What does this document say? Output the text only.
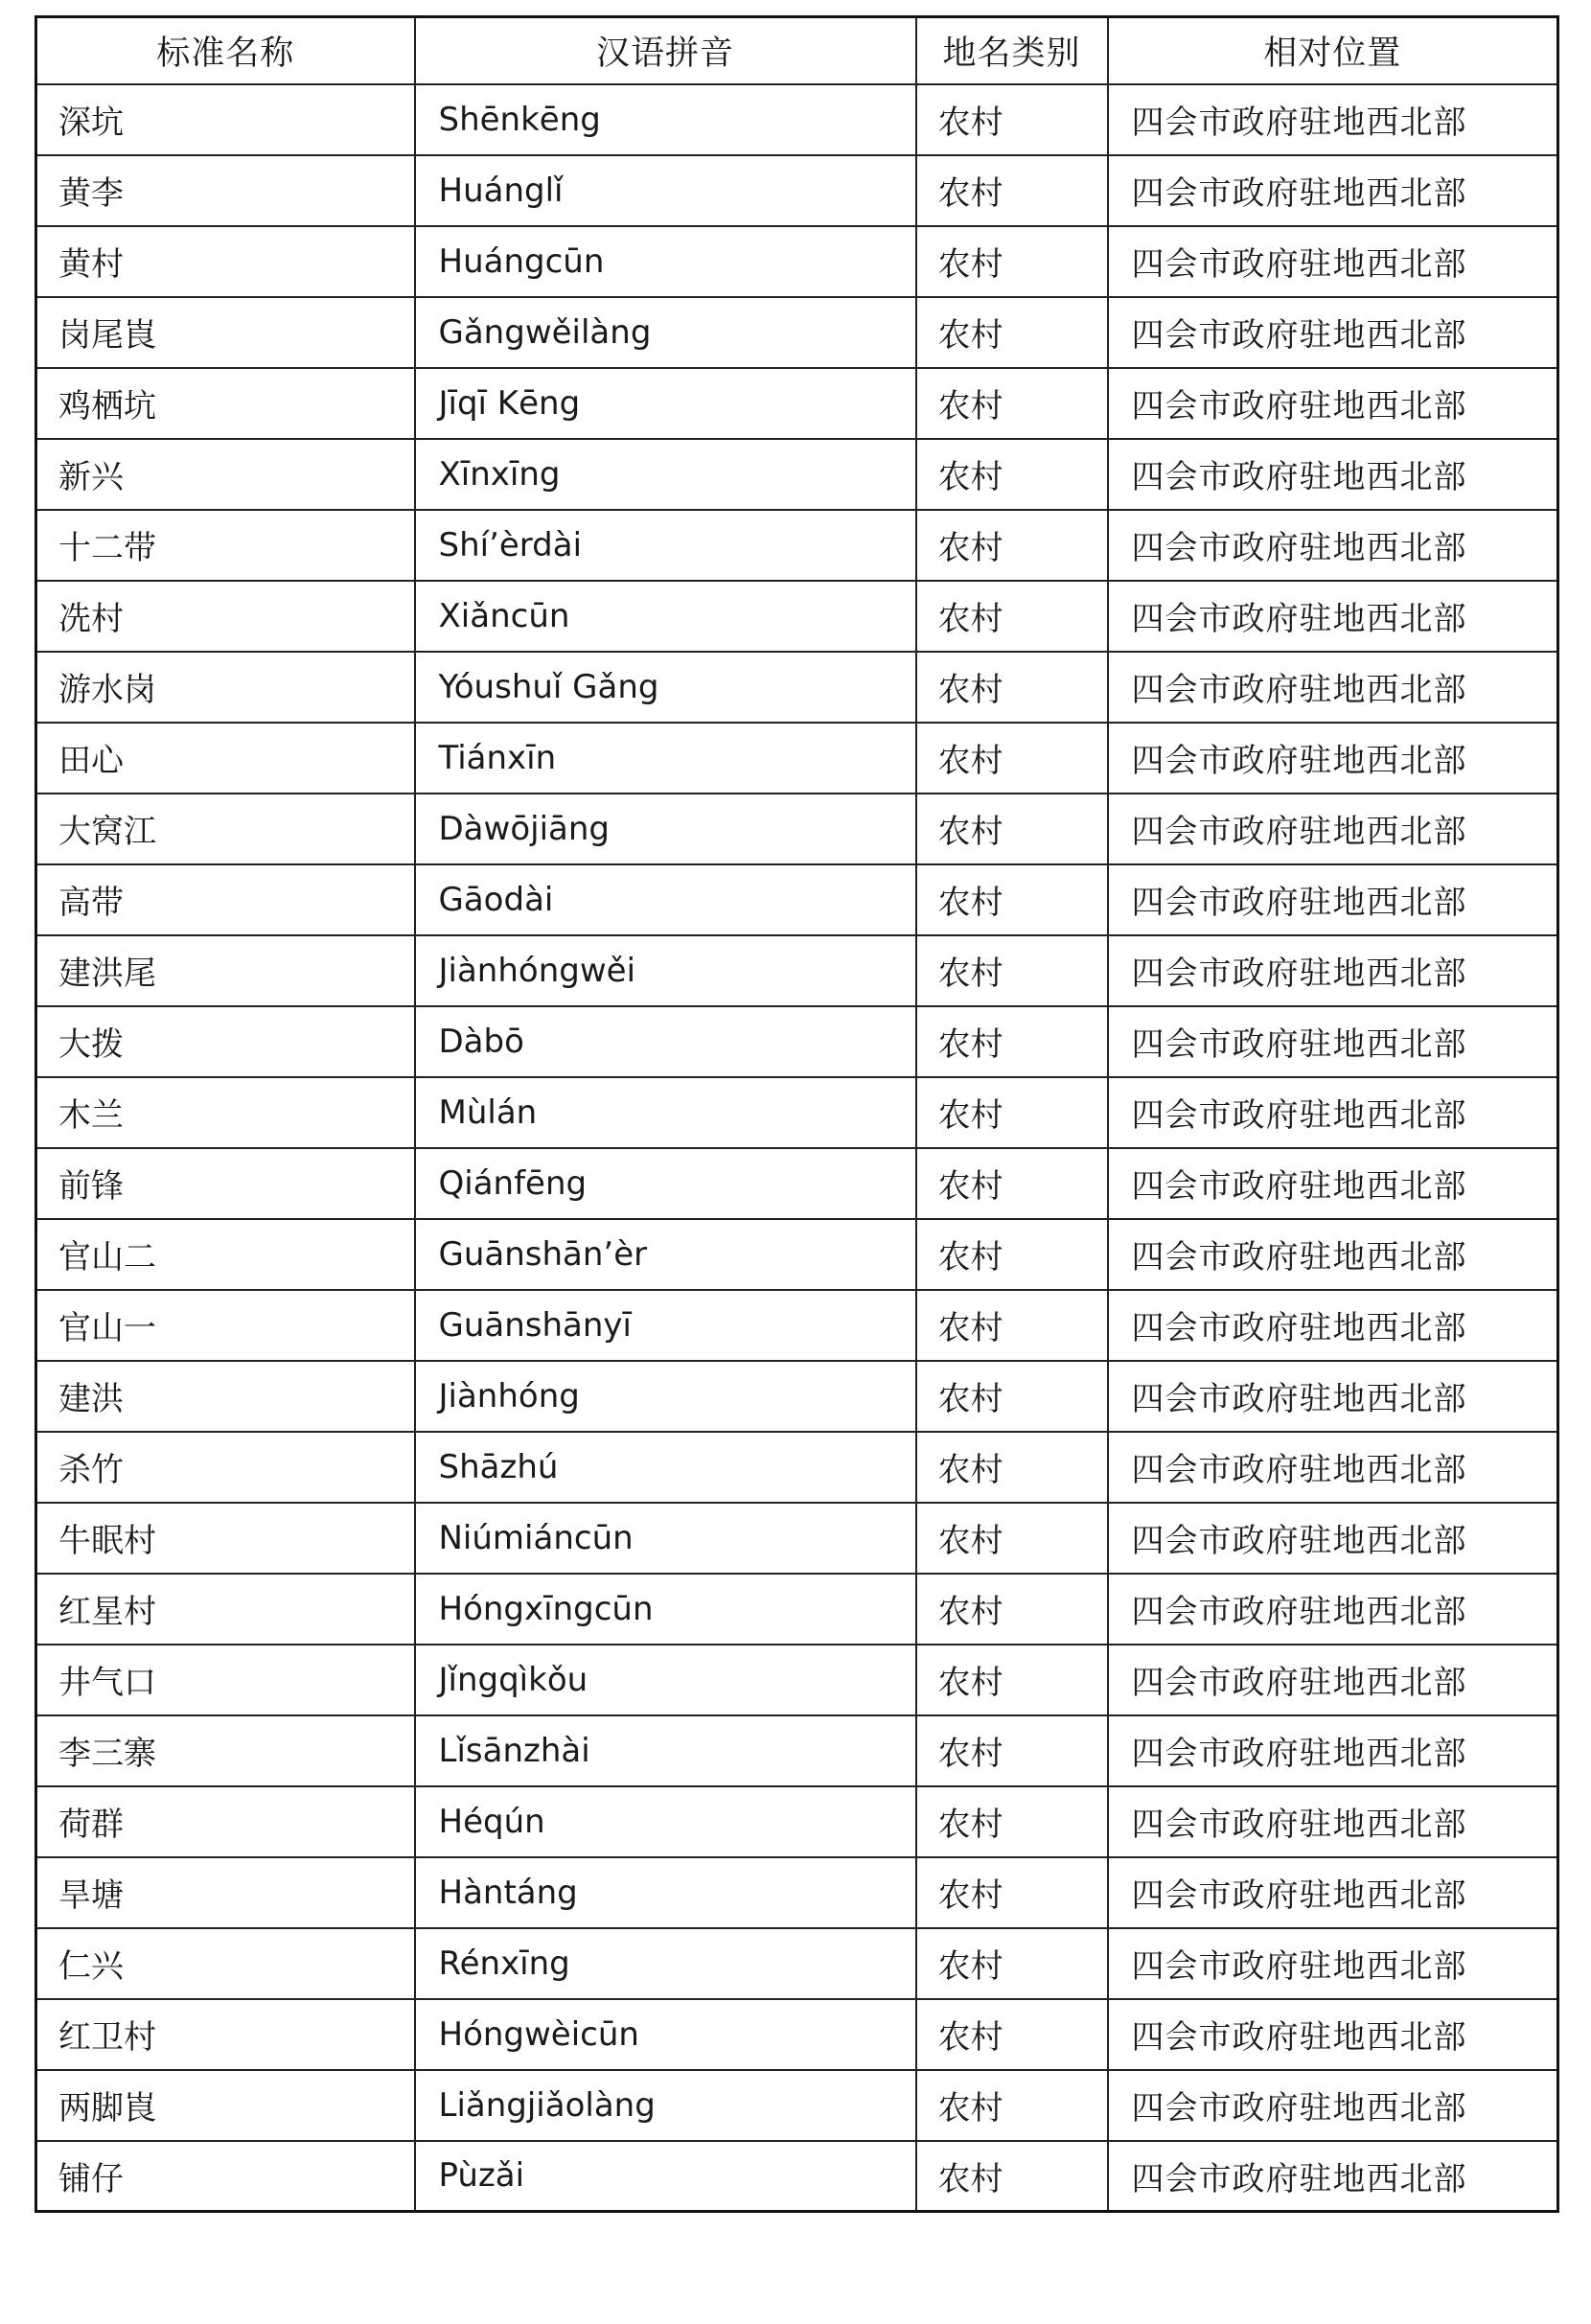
标准名称	汉语拼音	地名类别	相对位置
深坑	Shēnkēng	农村	四会市政府驻地西北部
黄李	Huánglǐ	农村	四会市政府驻地西北部
黄村	Huángcūn	农村	四会市政府驻地西北部
岗尾崀	Gǎngwěilàng	农村	四会市政府驻地西北部
鸡栖坑	Jīqī Kēng	农村	四会市政府驻地西北部
新兴	Xīnxīng	农村	四会市政府驻地西北部
十二带	Shí’èrdài	农村	四会市政府驻地西北部
冼村	Xiǎncūn	农村	四会市政府驻地西北部
游水岗	Yóushuǐ Gǎng	农村	四会市政府驻地西北部
田心	Tiánxīn	农村	四会市政府驻地西北部
大窝江	Dàwōjiāng	农村	四会市政府驻地西北部
高带	Gāodài	农村	四会市政府驻地西北部
建洪尾	Jiànhóngwěi	农村	四会市政府驻地西北部
大拨	Dàbō	农村	四会市政府驻地西北部
木兰	Mùlán	农村	四会市政府驻地西北部
前锋	Qiánfēng	农村	四会市政府驻地西北部
官山二	Guānshān’èr	农村	四会市政府驻地西北部
官山一	Guānshānyī	农村	四会市政府驻地西北部
建洪	Jiànhóng	农村	四会市政府驻地西北部
杀竹	Shāzhú	农村	四会市政府驻地西北部
牛眠村	Niúmiáncūn	农村	四会市政府驻地西北部
红星村	Hóngxīngcūn	农村	四会市政府驻地西北部
井气口	Jǐngqìkǒu	农村	四会市政府驻地西北部
李三寨	Lǐsānzhài	农村	四会市政府驻地西北部
荷群	Héqún	农村	四会市政府驻地西北部
旱塘	Hàntáng	农村	四会市政府驻地西北部
仁兴	Rénxīng	农村	四会市政府驻地西北部
红卫村	Hóngwèicūn	农村	四会市政府驻地西北部
两脚崀	Liǎngjiǎolàng	农村	四会市政府驻地西北部
铺仔	Pùzǎi	农村	四会市政府驻地西北部
